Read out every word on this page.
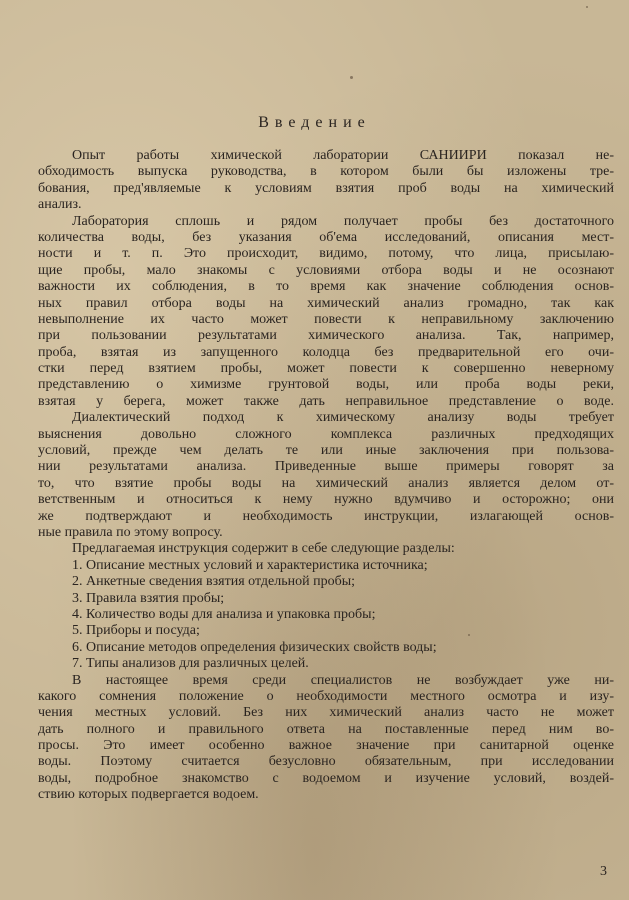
Введение
Опыт работы химической лаборатории САНИИРИ показал не-
обходимость выпуска руководства, в котором были бы изложены тре-
бования, пред'являемые к условиям взятия проб воды на химический
анализ.
Лаборатория сплошь и рядом получает пробы без достаточного
количества воды, без указания об'ема исследований, описания мест-
ности и т. п. Это происходит, видимо, потому, что лица, присылаю-
щие пробы, мало знакомы с условиями отбора воды и не осознают
важности их соблюдения, в то время как значение соблюдения основ-
ных правил отбора воды на химический анализ громадно, так как
невыполнение их часто может повести к неправильному заключению
при пользовании результатами химического анализа. Так, например,
проба, взятая из запущенного колодца без предварительной его очи-
стки перед взятием пробы, может повести к совершенно неверному
представлению о химизме грунтовой воды, или проба воды реки,
взятая у берега, может также дать неправильное представление о воде.
Диалектический подход к химическому анализу воды требует
выяснения довольно сложного комплекса различных предходящих
условий, прежде чем делать те или иные заключения при пользова-
нии результатами анализа. Приведенные выше примеры говорят за
то, что взятие пробы воды на химический анализ является делом от-
ветственным и относиться к нему нужно вдумчиво и осторожно; они
же подтверждают и необходимость инструкции, излагающей основ-
ные правила по этому вопросу.
Предлагаемая инструкция содержит в себе следующие разделы:
1. Описание местных условий и характеристика источника;
2. Анкетные сведения взятия отдельной пробы;
3. Правила взятия пробы;
4. Количество воды для анализа и упаковка пробы;
5. Приборы и посуда;
6. Описание методов определения физических свойств воды;
7. Типы анализов для различных целей.
В настоящее время среди специалистов не возбуждает уже ни-
какого сомнения положение о необходимости местного осмотра и изу-
чения местных условий. Без них химический анализ часто не может
дать полного и правильного ответа на поставленные перед ним во-
просы. Это имеет особенно важное значение при санитарной оценке
воды. Поэтому считается безусловно обязательным, при исследовании
воды, подробное знакомство с водоемом и изучение условий, воздей-
ствию которых подвергается водоем.
3
